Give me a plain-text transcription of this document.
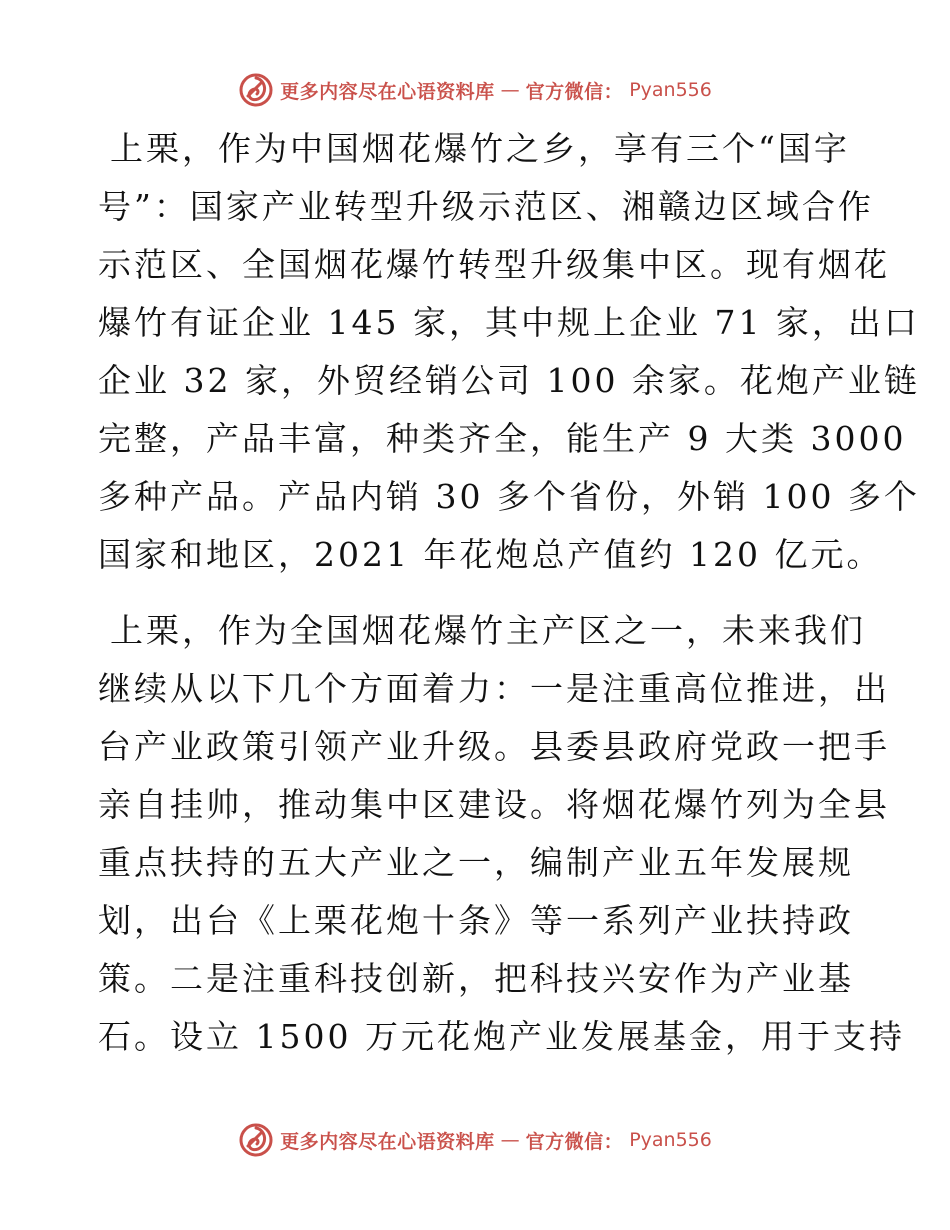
更多内容尽在心语资料库 — 官方微信： Pyan556

上栗，作为中国烟花爆竹之乡，享有三个“国字
号”：国家产业转型升级示范区、湘赣边区域合作
示范区、全国烟花爆竹转型升级集中区。现有烟花
爆竹有证企业 145 家，其中规上企业 71 家，出口
企业 32 家，外贸经销公司 100 余家。花炮产业链
完整，产品丰富，种类齐全，能生产 9 大类 3000
多种产品。产品内销 30 多个省份，外销 100 多个
国家和地区，2021 年花炮总产值约 120 亿元。

上栗，作为全国烟花爆竹主产区之一，未来我们
继续从以下几个方面着力：一是注重高位推进，出
台产业政策引领产业升级。县委县政府党政一把手
亲自挂帅，推动集中区建设。将烟花爆竹列为全县
重点扶持的五大产业之一，编制产业五年发展规
划，出台《上栗花炮十条》等一系列产业扶持政
策。二是注重科技创新，把科技兴安作为产业基
石。设立 1500 万元花炮产业发展基金，用于支持

更多内容尽在心语资料库 — 官方微信： Pyan556
